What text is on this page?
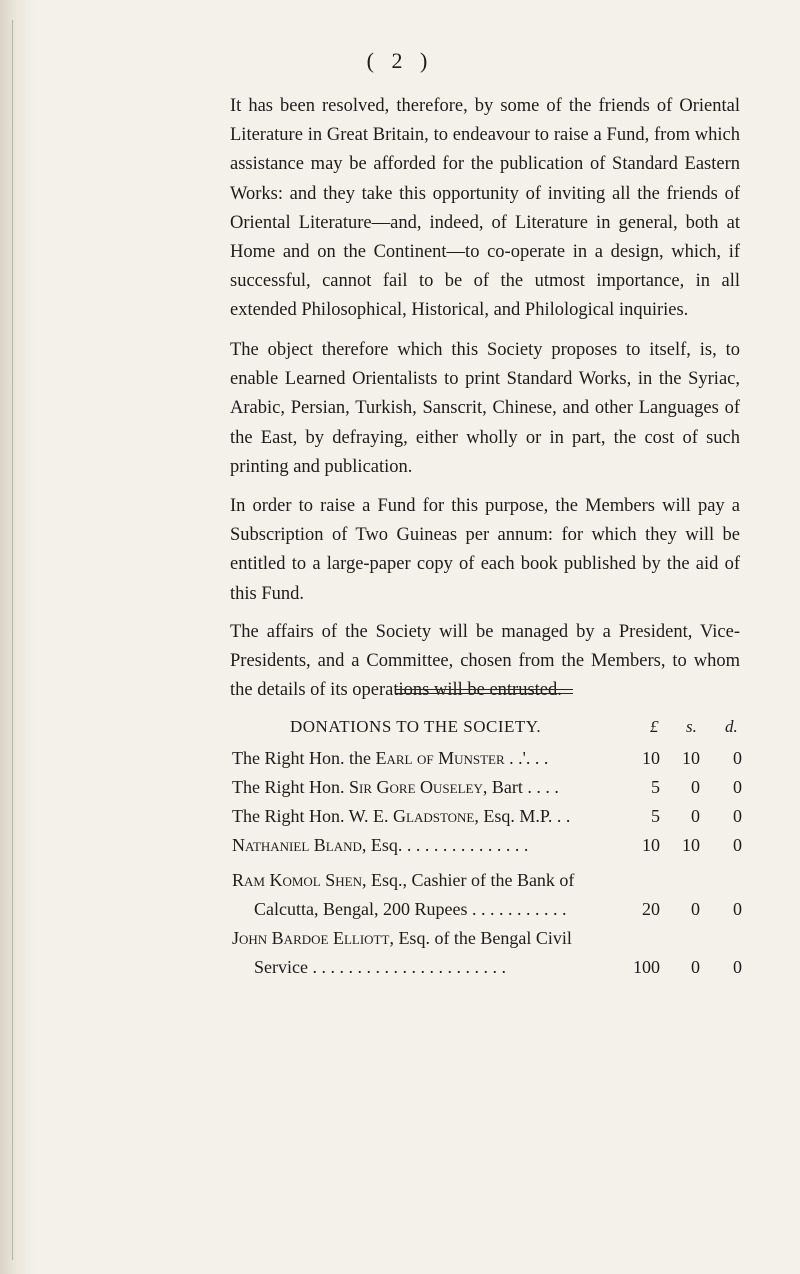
( 2 )

It has been resolved, therefore, by some of the friends of Oriental Literature in Great Britain, to endeavour to raise a Fund, from which assistance may be afforded for the publication of Standard Eastern Works: and they take this opportunity of inviting all the friends of Oriental Literature—and, indeed, of Literature in general, both at Home and on the Continent—to co-operate in a design, which, if successful, cannot fail to be of the utmost importance, in all extended Philosophical, Historical, and Philological inquiries.

The object therefore which this Society proposes to itself, is, to enable Learned Orientalists to print Standard Works, in the Syriac, Arabic, Persian, Turkish, Sanscrit, Chinese, and other Languages of the East, by defraying, either wholly or in part, the cost of such printing and publication.

In order to raise a Fund for this purpose, the Members will pay a Subscription of Two Guineas per annum: for which they will be entitled to a large-paper copy of each book published by the aid of this Fund.

The affairs of the Society will be managed by a President, Vice-Presidents, and a Committee, chosen from the Members, to whom the details of its operations will be entrusted.

DONATIONS TO THE SOCIETY.	£ s. d.
The Right Hon. the Earl of Munster . .'. . .	10	10	0
The Right Hon. Sir Gore Ouseley, Bart . . . .	5	0	0
The Right Hon. W. E. Gladstone, Esq. M.P. . .	5	0	0
Nathaniel Bland, Esq. . . . . . . . . . . . . . .	10	10	0
Ram Komol Shen, Esq., Cashier of the Bank of
Calcutta, Bengal, 200 Rupees . . . . . . . . . . .	20	0	0
John Bardoe Elliott, Esq. of the Bengal Civil
Service . . . . . . . . . . . . . . . . . . . . . .	100	0	0
